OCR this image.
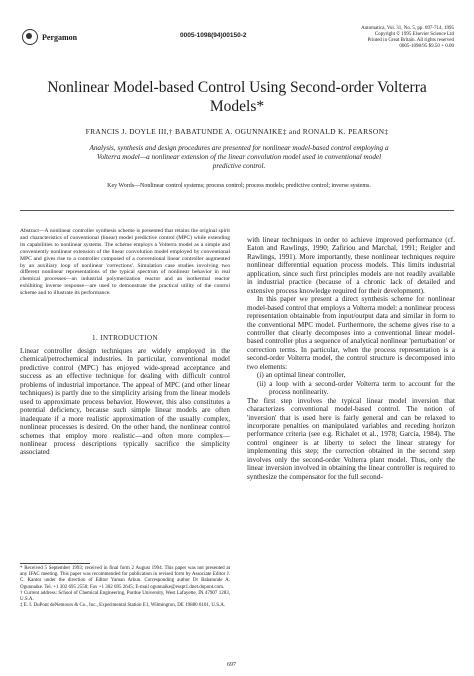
Pergamon	0005-1098(94)00150-2
Automatica, Vol. 31, No. 5, pp. 697-714, 1995
Copyright © 1995 Elsevier Science Ltd
Printed in Great Britain. All rights reserved
0005-1098/95 $9.50 + 0.00
Nonlinear Model-based Control Using Second-order Volterra Models*
FRANCIS J. DOYLE III,† BABATUNDE A. OGUNNAIKE‡ and RONALD K. PEARSON‡
Analysis, synthesis and design procedures are presented for nonlinear model-based control employing a Volterra model—a nonlinear extension of the linear convolution model used in conventional model predictive control.
Key Words—Nonlinear control systems; process control; process models; predictive control; inverse systems.
Abstract—A nonlinear controller synthesis scheme is presented that retains the original spirit and characteristics of conventional (linear) model predictive control (MPC) while extending its capabilities to nonlinear systems. The scheme employs a Volterra model as a simple and conveniently nonlinear extension of the linear convolution model employed by conventional MPC and gives rise to a controller composed of a conventional linear controller augmented by an auxiliary loop of nonlinear 'corrections'. Simulation case studies involving two different nonlinear representations of the typical spectrum of nonlinear behavior in real chemical processes—an industrial polymerization reactor and an isothermal reactor exhibiting inverse response—are used to demonstrate the practical utility of the control scheme and to illustrate its performance.
1. INTRODUCTION
Linear controller design techniques are widely employed in the chemical/petrochemical industries. In particular, conventional model predictive control (MPC) has enjoyed wide-spread acceptance and success as an effective technique for dealing with difficult control problems of industrial importance. The appeal of MPC (and other linear techniques) is partly due to the simplicity arising from the linear models used to approximate process behavior. However, this also constitutes a potential deficiency, because such simple linear models are often inadequate if a more realistic approximation of the usually complex, nonlinear processes is desired. On the other hand, the nonlinear control schemes that employ more realistic—and often more complex—nonlinear process descriptions typically sacrifice the simplicity associated
* Received 5 September 1993; received in final form 2 August 1994. This paper was not presented at any IFAC meeting. This paper was recommended for publication in revised form by Associate Editor J. C. Kantor under the direction of Editor Yaman Arkun. Corresponding author Dr Babatunde A. Ogunnaike. Tel. +1 302 695 2550; Fax +1 302 695 2645; E-mail ogunnaike@esspt1.dnet.dupont.com.
† Current address: School of Chemical Engineering, Purdue University, West Lafayette, IN 47907 1283, U.S.A.
‡ E. I. DuPont deNemours & Co., Inc., Experimental Station E1, Wilmington, DE 19880 0101, U.S.A.

with linear techniques in order to achieve improved performance (cf. Eaton and Rawlings, 1990; Zafiriou and Marchal, 1991; Reigler and Rawlings, 1991). More importantly, these nonlinear techniques require nonlinear differential equation process models. This limits industrial application, since such first principles models are not readily available in industrial practice (because of a chronic lack of detailed and extensive process knowledge required for their development).

In this paper we present a direct synthesis scheme for nonlinear model-based control that employs a Volterra model: a nonlinear process representation obtainable from input/output data and similar in form to the conventional MPC model. Furthermore, the scheme gives rise to a controller that clearly decomposes into a conventional linear model-based controller plus a sequence of analytical nonlinear 'perturbation' or correction terms. In particular, when the process representation is a second-order Volterra model, the control structure is decomposed into two elements:

(i) an optimal linear controller,

(ii) a loop with a second-order Volterra term to account for the process nonlinearity.

The first step involves the typical linear model inversion that characterizes conventional model-based control. The notion of 'inversion' that is used here is fairly general and can be relaxed to incorporate penalties on manipulated variables and receding horizon performance criteria (see e.g. Richalet et al., 1978; García, 1984). The control engineer is at liberty to select the linear strategy for implementing this step; the correction obtained in the second step involves only the second-order Volterra plant model. Thus, only the linear inversion involved in obtaining the linear controller is required to synthesize the compensator for the full second-

697
